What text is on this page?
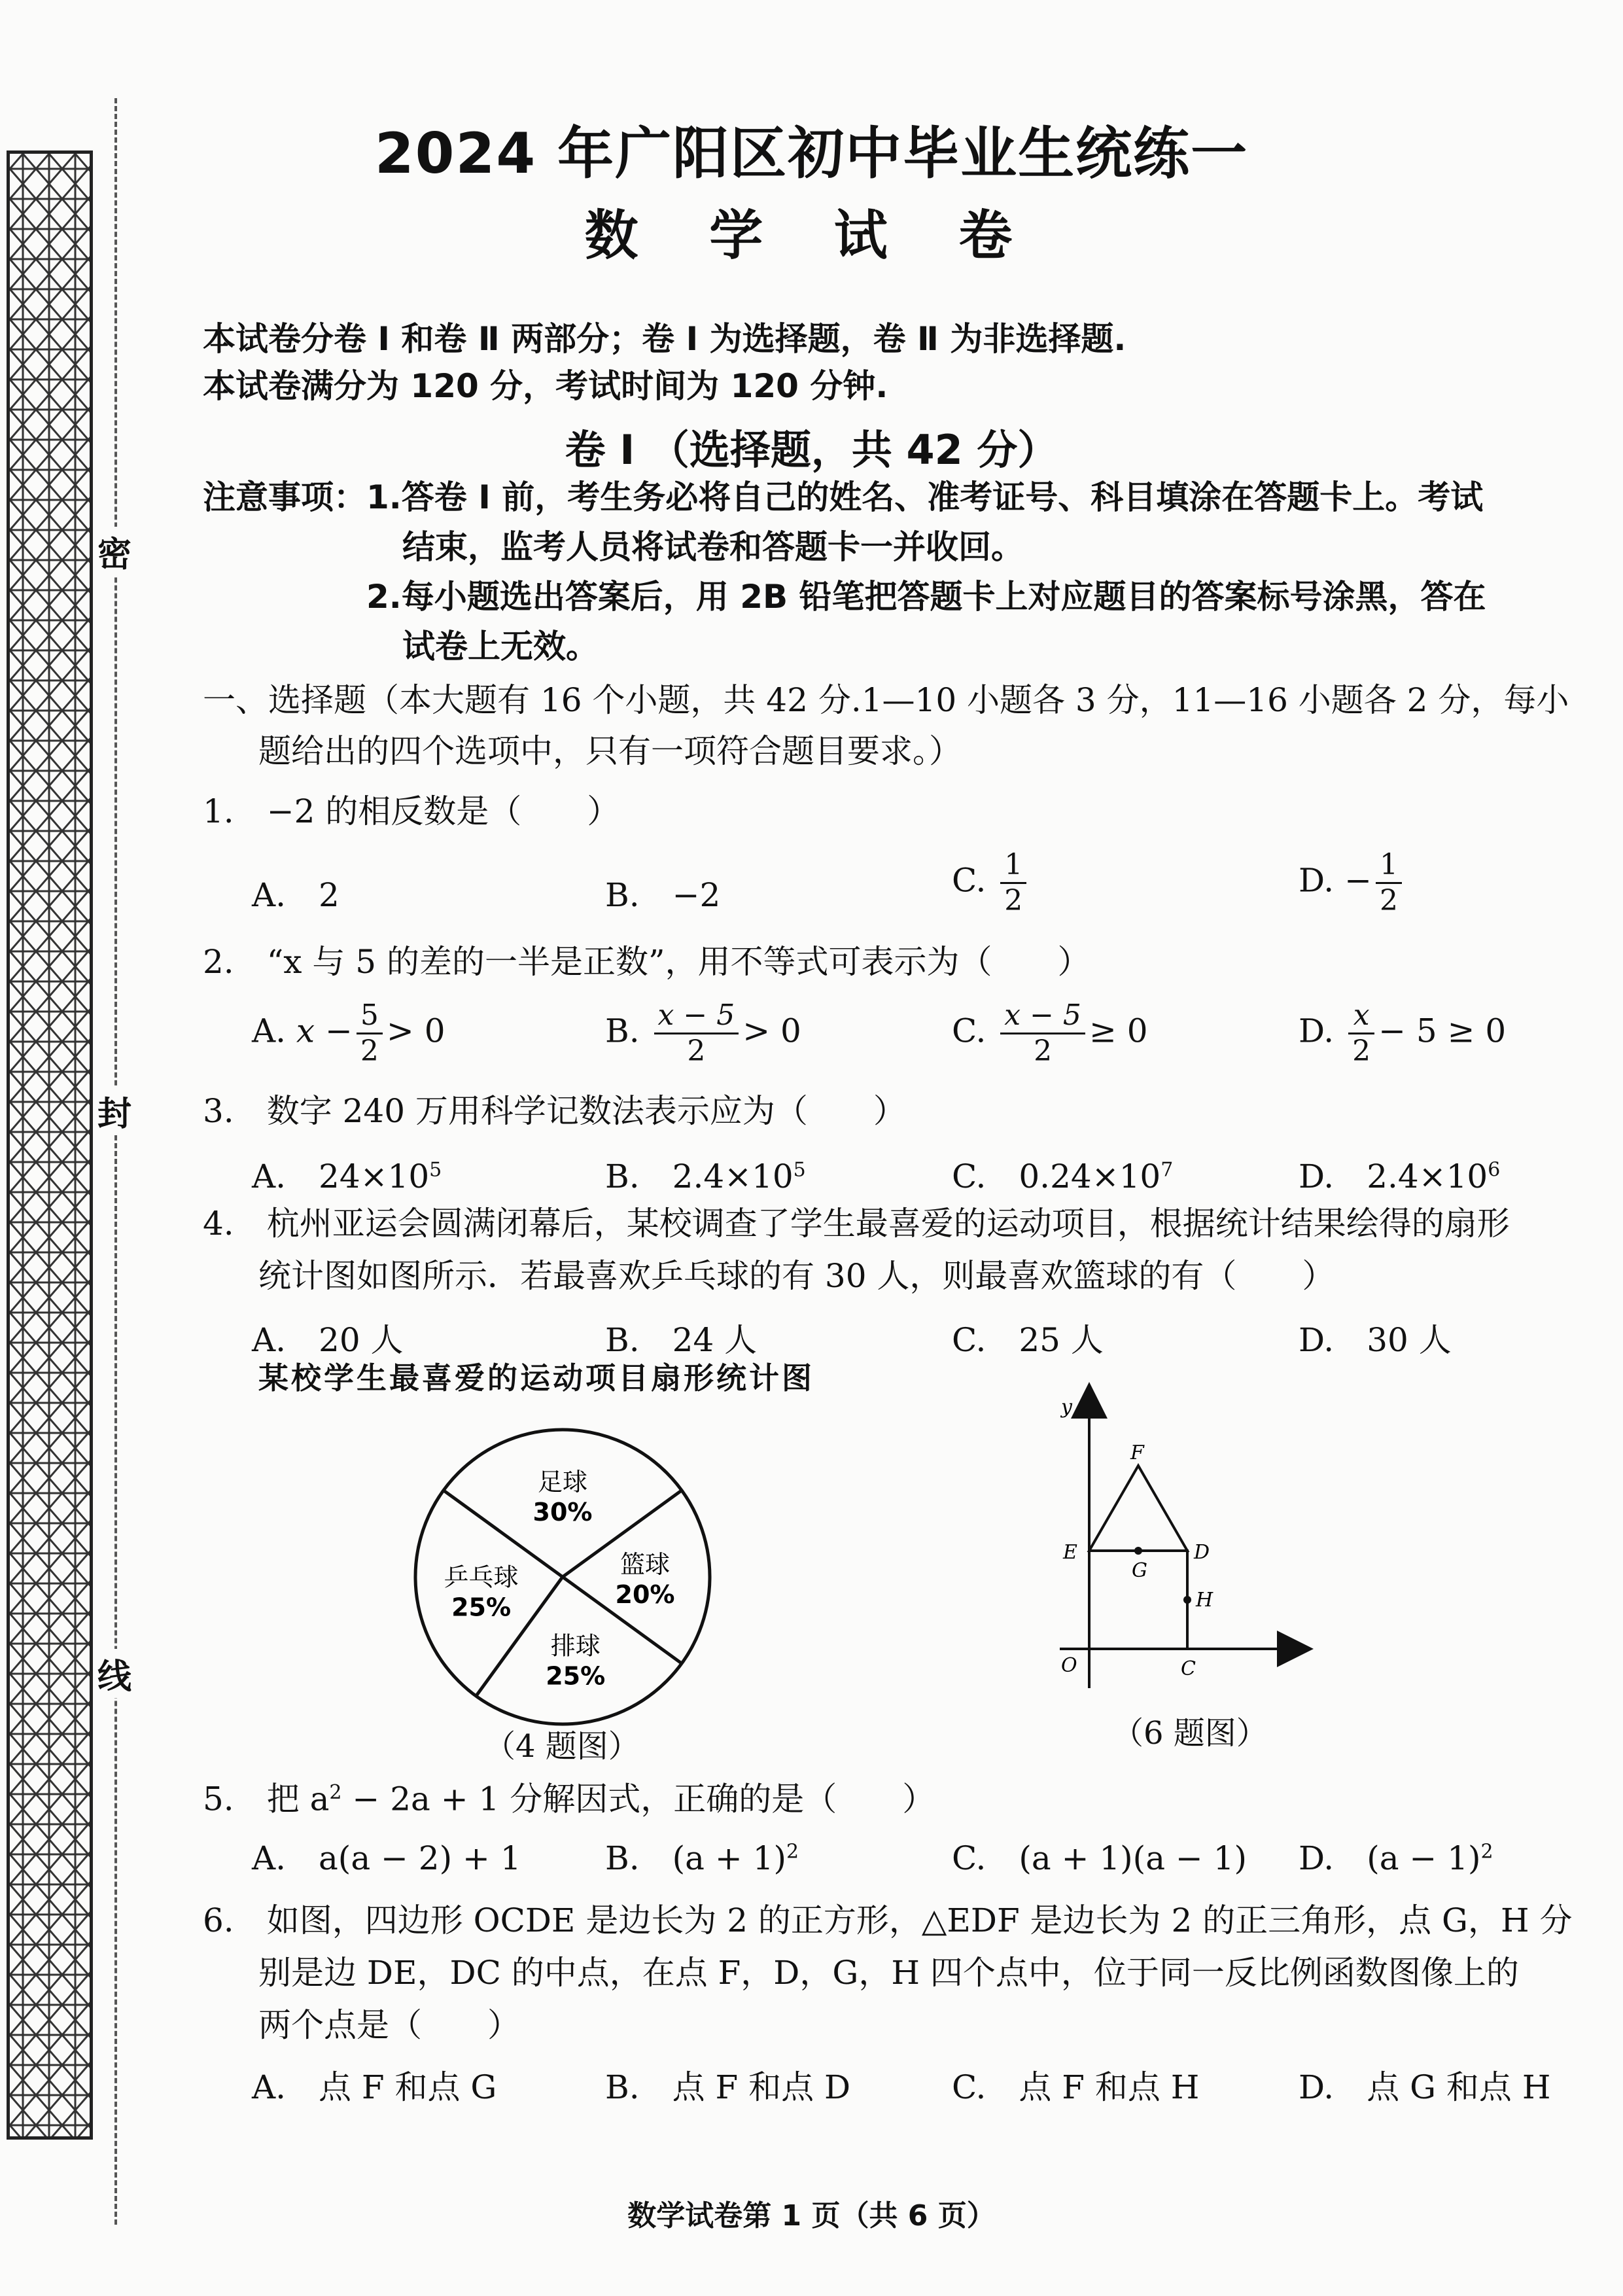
密
封
线
2024 年广阳区初中毕业生统练一
数 学 试 卷
本试卷分卷 Ⅰ 和卷 Ⅱ 两部分；卷 Ⅰ 为选择题，卷 Ⅱ 为非选择题.
本试卷满分为 120 分，考试时间为 120 分钟.
卷 Ⅰ （选择题，共 42 分）
注意事项： 1.答卷 Ⅰ 前，考生务必将自己的姓名、准考证号、科目填涂在答题卡上。考试
结束，监考人员将试卷和答题卡一并收回。
2.每小题选出答案后，用 2B 铅笔把答题卡上对应题目的答案标号涂黑，答在
试卷上无效。
一、选择题（本大题有 16 个小题，共 42 分.1—10 小题各 3 分，11—16 小题各 2 分，每小
题给出的四个选项中，只有一项符合题目要求。）
1.　−2 的相反数是（　　）
A.　2	B.　−2	C. $\frac{1}{2}$	D. − $\frac{1}{2}$
2.　“x 与 5 的差的一半是正数”，用不等式可表示为（　　）
A. $x - \frac{5}{2} > 0$	B. $\frac{x - 5}{2} > 0$	C. $\frac{x - 5}{2} \ge 0$	D. $\frac{x}{2} - 5 \ge 0$
3.　数字 240 万用科学记数法表示应为（　　）
A.　$24\times 10^5$	B.　$2.4\times 10^5$	C.　$0.24\times 10^7$	D.　$2.4\times 10^6$
4.　杭州亚运会圆满闭幕后，某校调查了学生最喜爱的运动项目，根据统计结果绘得的扇形
统计图如图所示．若最喜欢乒乓球的有 30 人，则最喜欢篮球的有（　　）
A.　20 人	B.　24 人	C.　25 人	D.　30 人
某校学生最喜爱的运动项目扇形统计图
足球
30%
篮球
20%
排球
25%
乒乓球
25%
（4 题图）
y
F
E	D
G
H
O	C
（6 题图）
5.　把 $a^2 - 2a + 1$ 分解因式，正确的是（　　）
A.　a(a − 2) + 1	B.　$(a + 1)^2$	C.　(a + 1)(a − 1) D.　$(a - 1)^2$
6.　如图，四边形 OCDE 是边长为 2 的正方形，△EDF 是边长为 2 的正三角形，点 G，H 分
别是边 DE，DC 的中点，在点 F，D，G，H 四个点中，位于同一反比例函数图像上的
两个点是（　　）
A.　点 F 和点 G	B.　点 F 和点 D	C.　点 F 和点 H	D.　点 G 和点 H
数学试卷第 1 页（共 6 页）
